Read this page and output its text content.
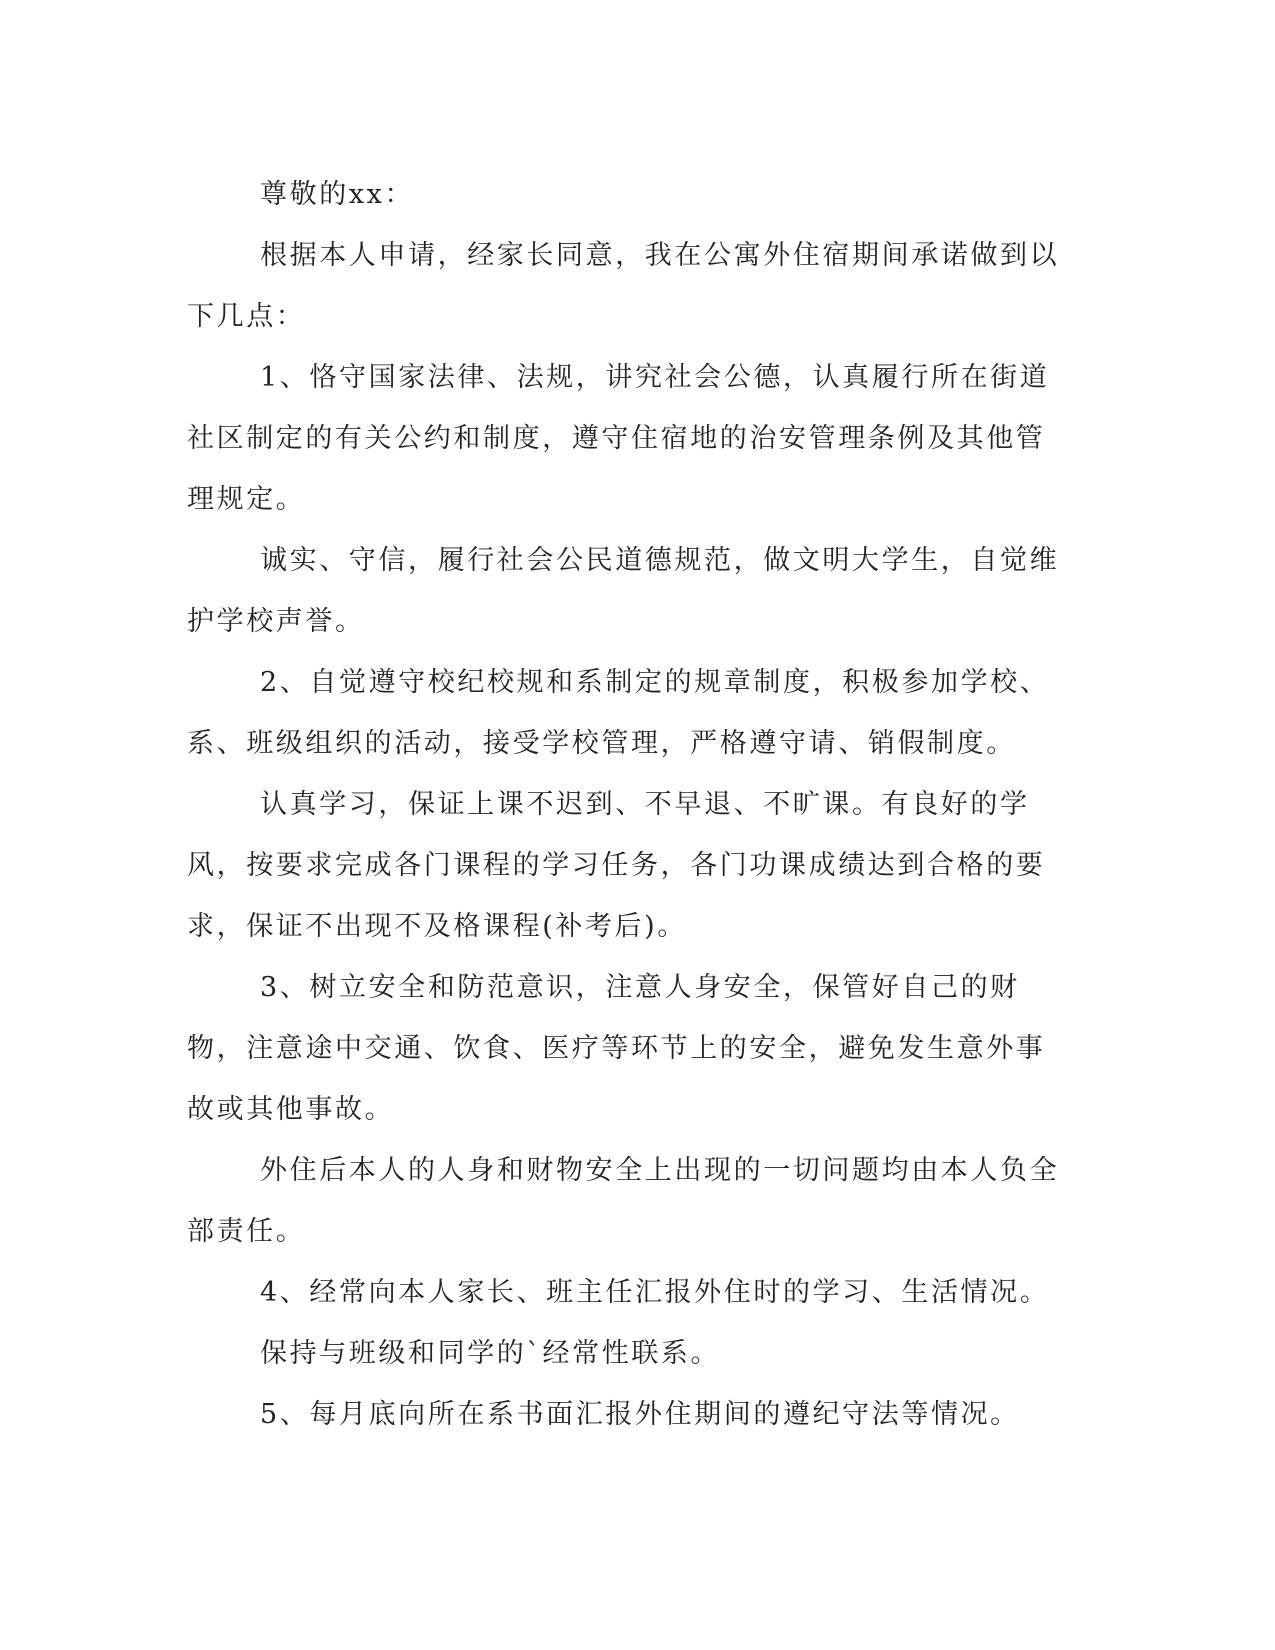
尊敬的xx：

根据本人申请，经家长同意，我在公寓外住宿期间承诺做到以下几点：

1、恪守国家法律、法规，讲究社会公德，认真履行所在街道社区制定的有关公约和制度，遵守住宿地的治安管理条例及其他管理规定。

诚实、守信，履行社会公民道德规范，做文明大学生，自觉维护学校声誉。

2、自觉遵守校纪校规和系制定的规章制度，积极参加学校、系、班级组织的活动，接受学校管理，严格遵守请、销假制度。

认真学习，保证上课不迟到、不早退、不旷课。有良好的学风，按要求完成各门课程的学习任务，各门功课成绩达到合格的要求，保证不出现不及格课程(补考后)。

3、树立安全和防范意识，注意人身安全，保管好自己的财物，注意途中交通、饮食、医疗等环节上的安全，避免发生意外事故或其他事故。

外住后本人的人身和财物安全上出现的一切问题均由本人负全部责任。

4、经常向本人家长、班主任汇报外住时的学习、生活情况。

保持与班级和同学的`经常性联系。

5、每月底向所在系书面汇报外住期间的遵纪守法等情况。
